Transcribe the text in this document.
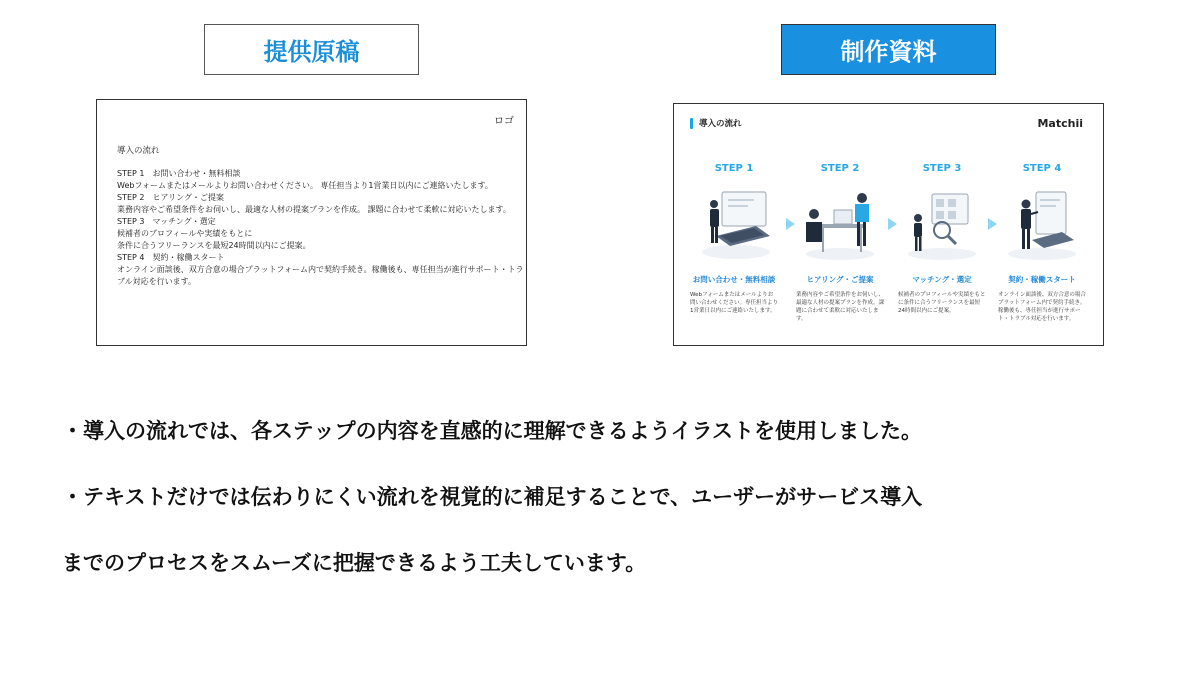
提供原稿	制作資料
ロゴ
導入の流れ

STEP 1　お問い合わせ・無料相談

Webフォームまたはメールよりお問い合わせください。 専任担当より1営業日以内にご連絡いたします。

STEP 2　ヒアリング・ご提案

業務内容やご希望条件をお伺いし、最適な人材の提案プランを作成。 課題に合わせて柔軟に対応いたします。

STEP 3　マッチング・選定

候補者のプロフィールや実績をもとに

条件に合うフリーランスを最短24時間以内にご提案。

STEP 4　契約・稼働スタート

オンライン面談後、双方合意の場合プラットフォーム内で契約手続き。稼働後も、専任担当が進行サポート・トラブル対応を行います。

導入の流れ	Matchii
STEP 1
お問い合わせ・無料相談
Webフォームまたはメールよりお問い合わせください。専任担当より1営業日以内にご連絡いたします。
STEP 2
ヒアリング・ご提案
業務内容やご希望条件をお伺いし、最適な人材の提案プランを作成。課題に合わせて柔軟に対応いたします。
STEP 3
マッチング・選定
候補者のプロフィールや実績をもとに条件に合うフリーランスを最短24時間以内にご提案。
STEP 4
契約・稼働スタート
オンライン面談後、双方合意の場合プラットフォーム内で契約手続き。稼働後も、専任担当が進行サポート・トラブル対応を行います。

・導入の流れでは、各ステップの内容を直感的に理解できるようイラストを使用しました。

・テキストだけでは伝わりにくい流れを視覚的に補足することで、ユーザーがサービス導入

までのプロセスをスムーズに把握できるよう工夫しています。
